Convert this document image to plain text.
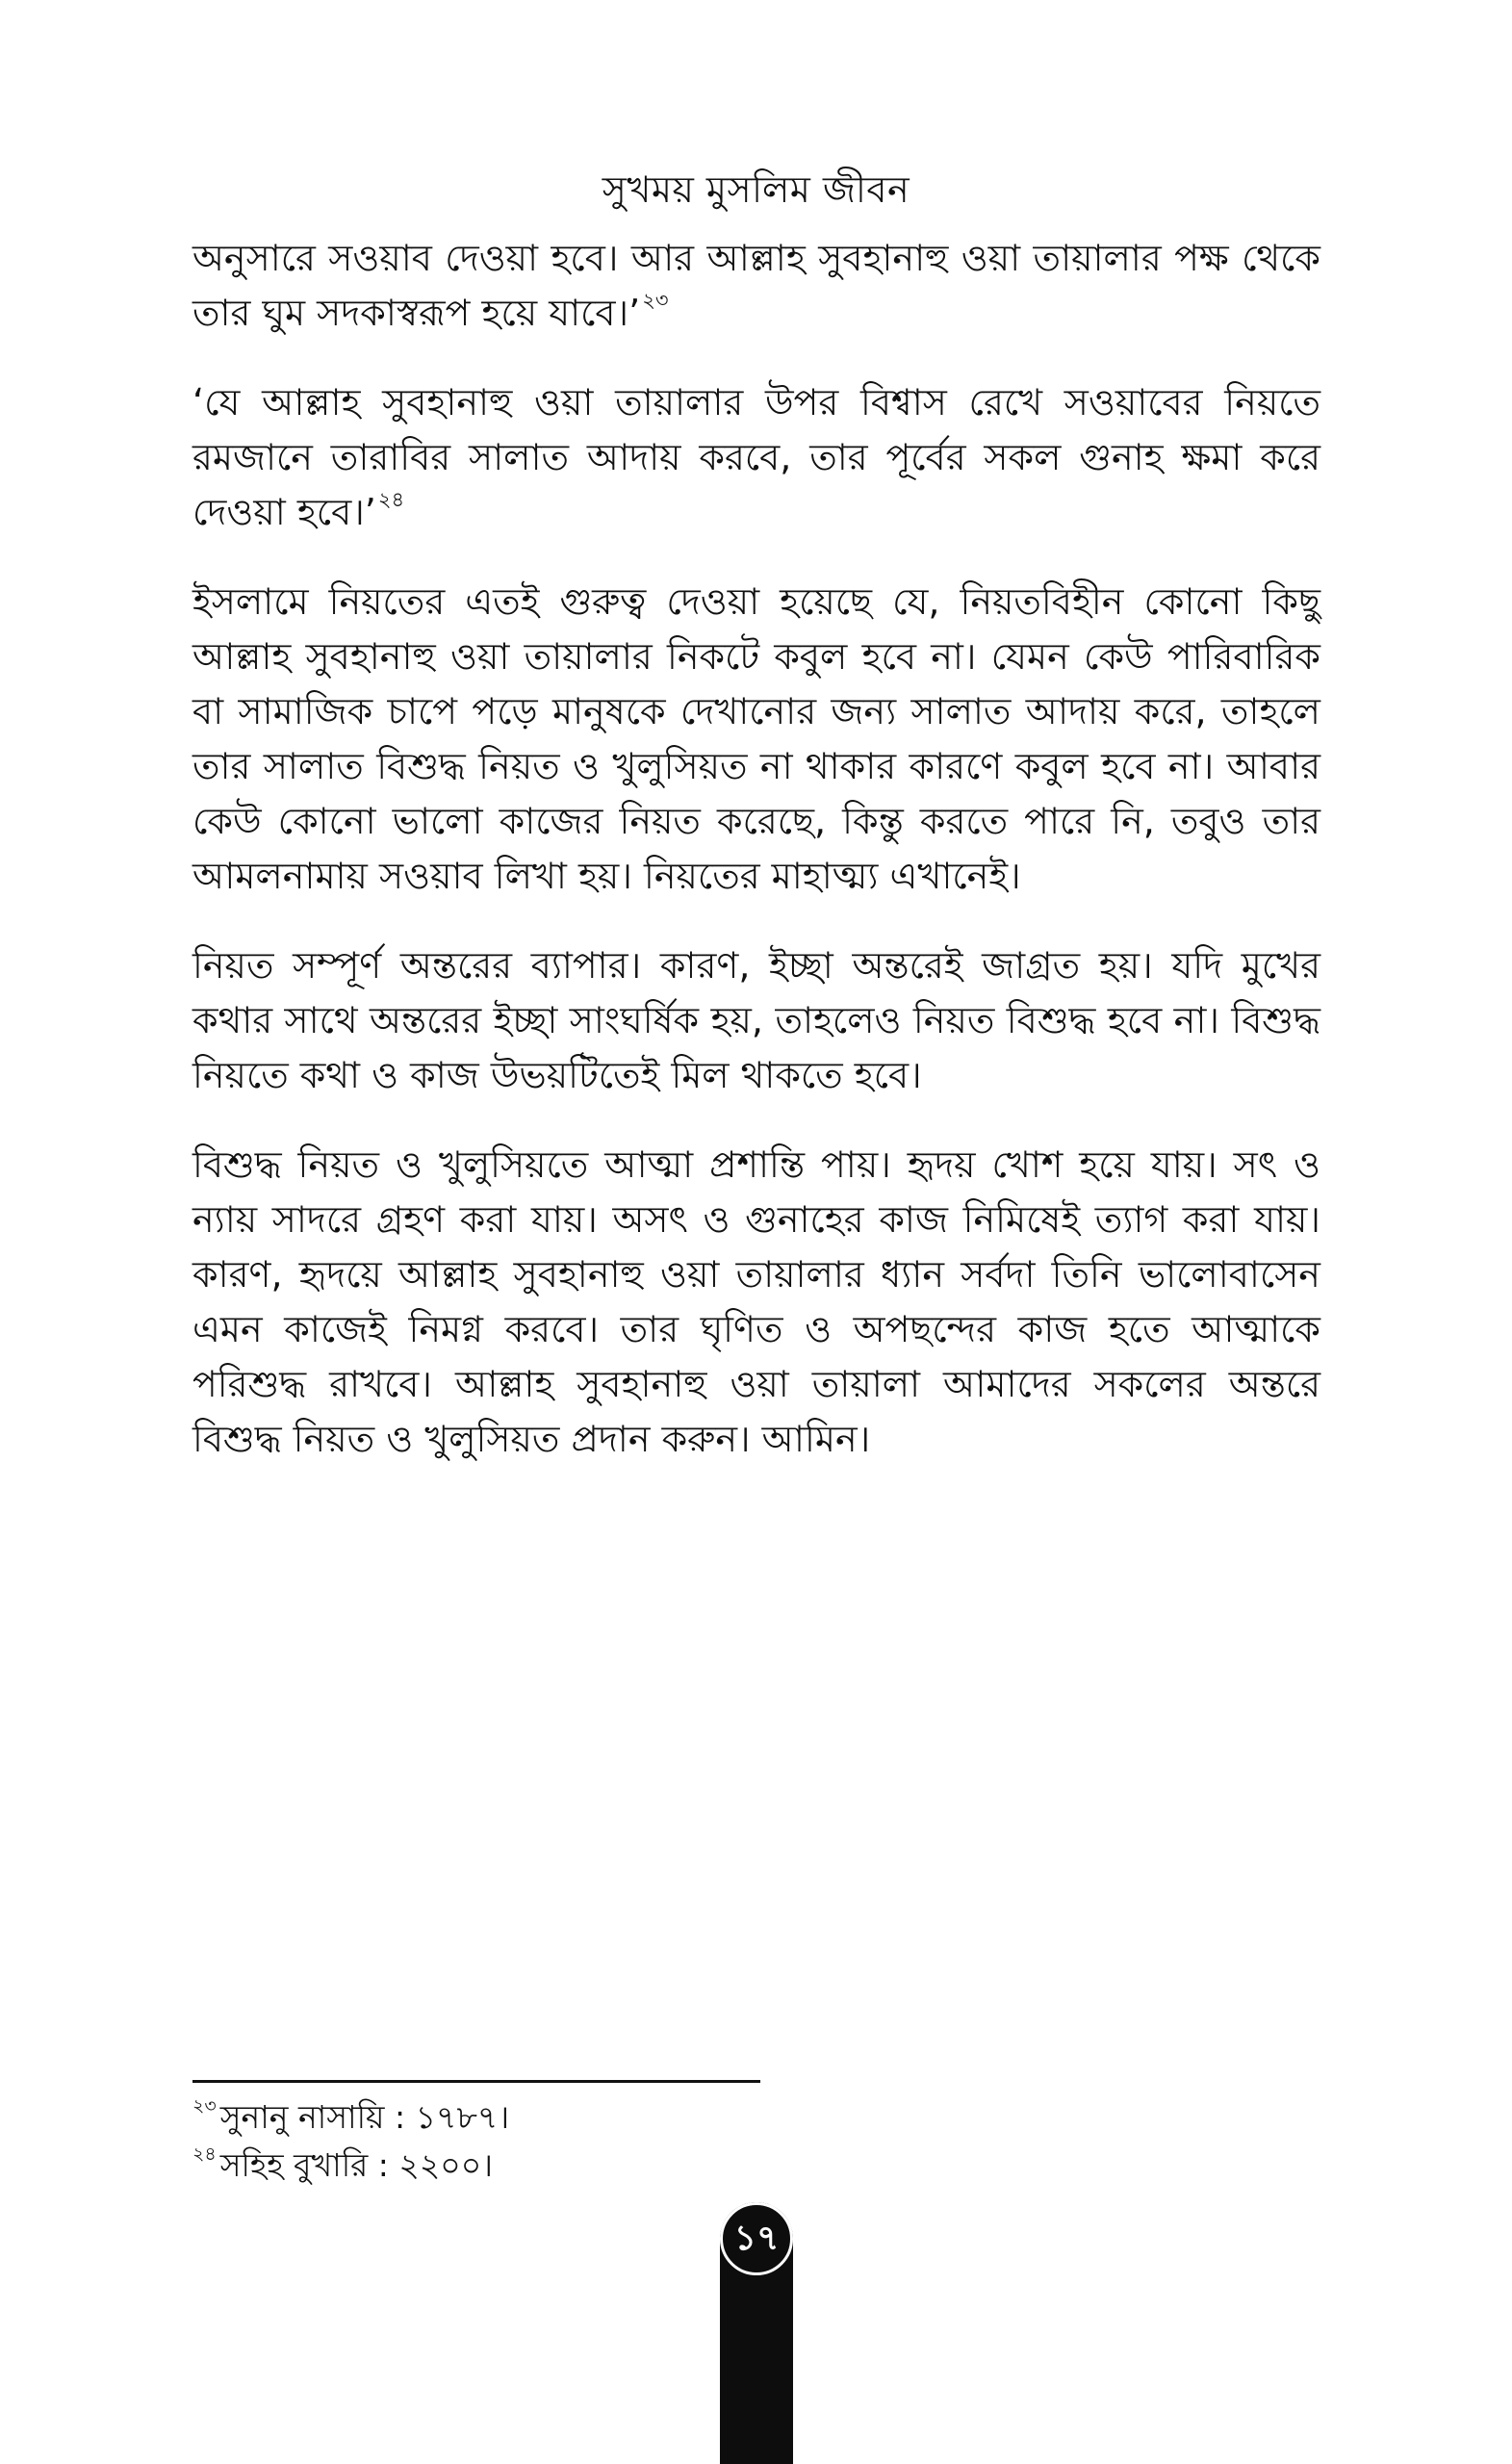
সুখময় মুসলিম জীবন

অনুসারে সওয়াব দেওয়া হবে। আর আল্লাহ সুবহানাহু ওয়া তায়ালার পক্ষ থেকে তার ঘুম সদকাস্বরূপ হয়ে যাবে।’$^{২৩}$

‘যে আল্লাহ সুবহানাহু ওয়া তায়ালার উপর বিশ্বাস রেখে সওয়াবের নিয়তে রমজানে তারাবির সালাত আদায় করবে, তার পূর্বের সকল গুনাহ ক্ষমা করে দেওয়া হবে।’$^{২৪}$

ইসলামে নিয়তের এতই গুরুত্ব দেওয়া হয়েছে যে, নিয়তবিহীন কোনো কিছু আল্লাহ সুবহানাহু ওয়া তায়ালার নিকটে কবুল হবে না। যেমন কেউ পারিবারিক বা সামাজিক চাপে পড়ে মানুষকে দেখানোর জন্য সালাত আদায় করে, তাহলে তার সালাত বিশুদ্ধ নিয়ত ও খুলুসিয়ত না থাকার কারণে কবুল হবে না। আবার কেউ কোনো ভালো কাজের নিয়ত করেছে, কিন্তু করতে পারে নি, তবুও তার আমলনামায় সওয়াব লিখা হয়। নিয়তের মাহাত্ম্য এখানেই।

নিয়ত সম্পূর্ণ অন্তরের ব্যাপার। কারণ, ইচ্ছা অন্তরেই জাগ্রত হয়। যদি মুখের কথার সাথে অন্তরের ইচ্ছা সাংঘর্ষিক হয়, তাহলেও নিয়ত বিশুদ্ধ হবে না। বিশুদ্ধ নিয়তে কথা ও কাজ উভয়টিতেই মিল থাকতে হবে।

বিশুদ্ধ নিয়ত ও খুলুসিয়তে আত্মা প্রশান্তি পায়। হৃদয় খোশ হয়ে যায়। সৎ ও ন্যায় সাদরে গ্রহণ করা যায়। অসৎ ও গুনাহের কাজ নিমিষেই ত্যাগ করা যায়। কারণ, হৃদয়ে আল্লাহ সুবহানাহু ওয়া তায়ালার ধ্যান সর্বদা তিনি ভালোবাসেন এমন কাজেই নিমগ্ন করবে। তার ঘৃণিত ও অপছন্দের কাজ হতে আত্মাকে পরিশুদ্ধ রাখবে। আল্লাহ সুবহানাহু ওয়া তায়ালা আমাদের সকলের অন্তরে বিশুদ্ধ নিয়ত ও খুলুসিয়ত প্রদান করুন। আমিন।

$^{২৩}$ সুনানু নাসায়ি : ১৭৮৭।
$^{২৪}$ সহিহ বুখারি : ২২০০।
১৭
